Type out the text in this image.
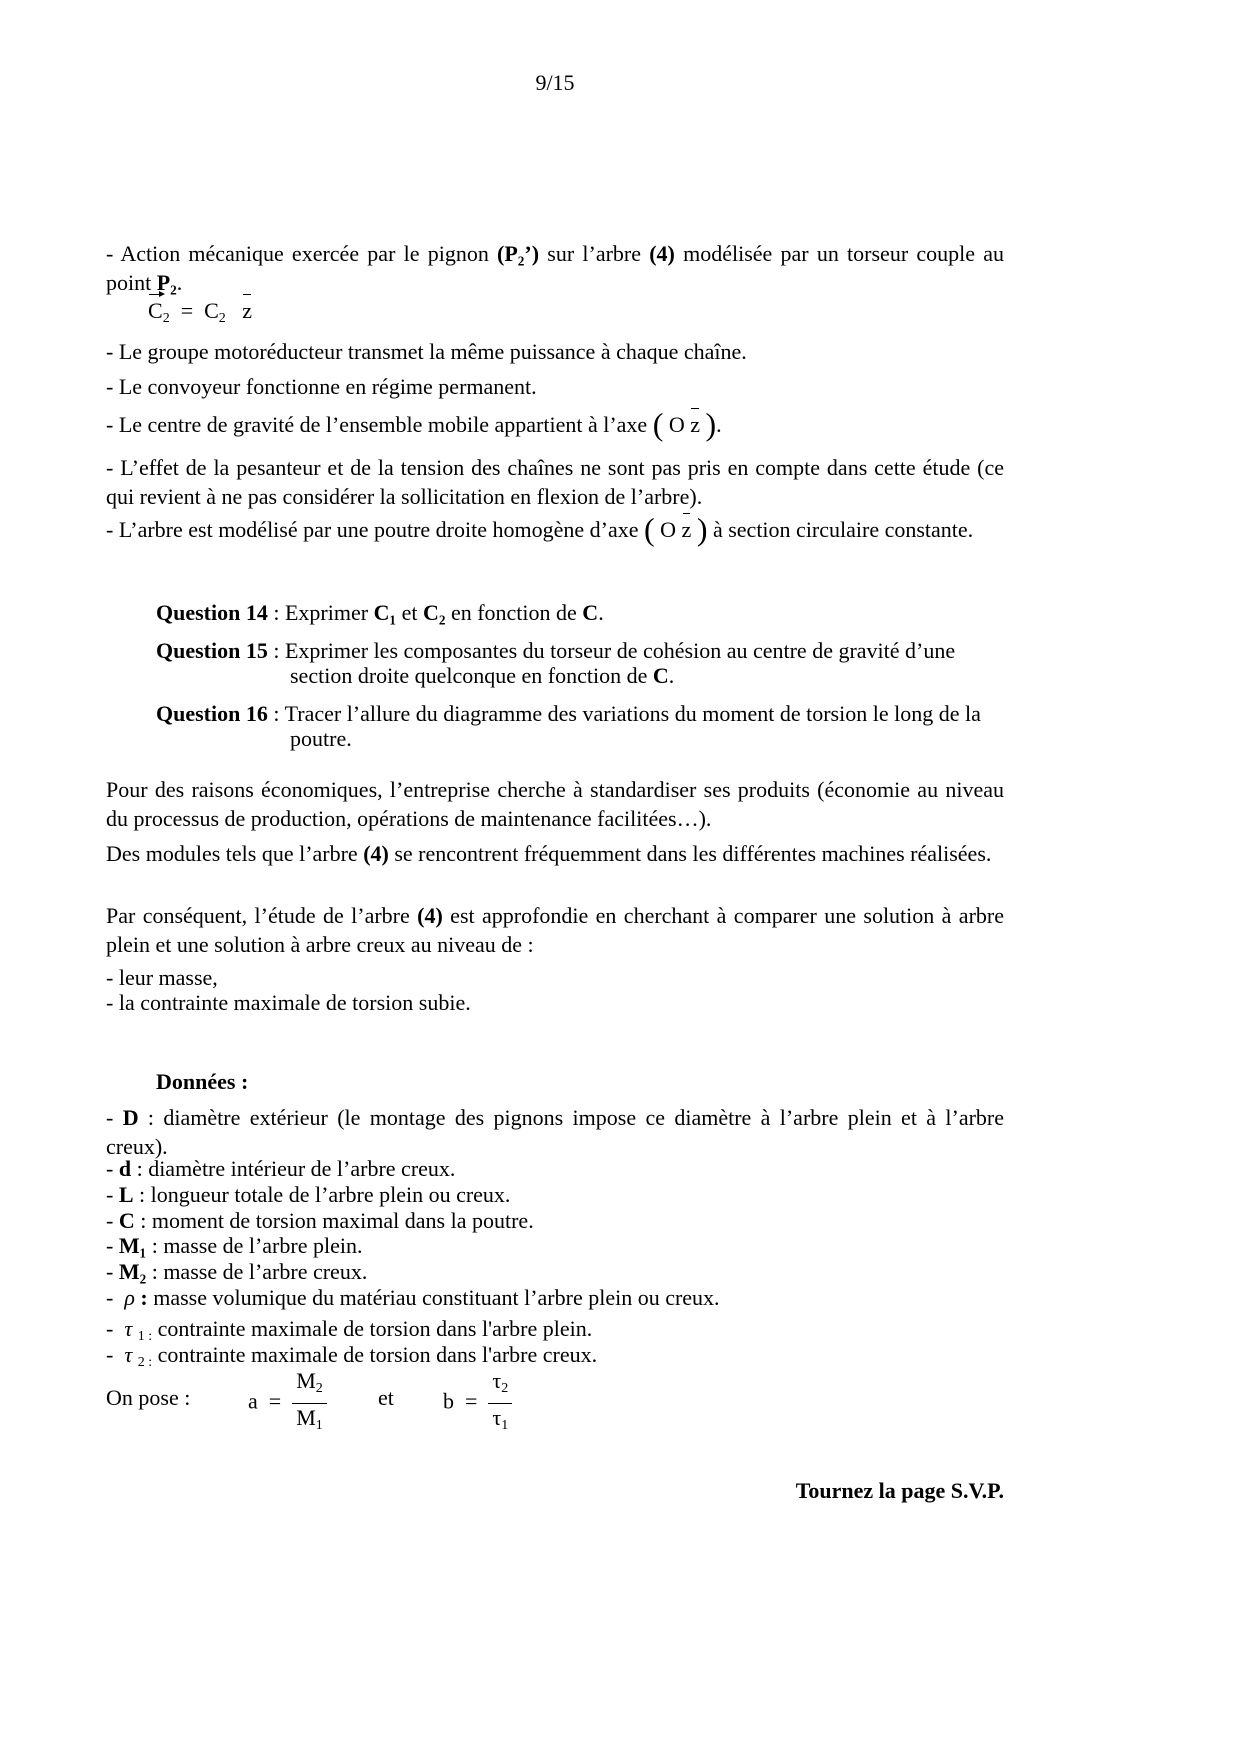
9/15
- Action mécanique exercée par le pignon (P₂’) sur l’arbre (4) modélisée par un torseur couple au point P₂.
$C_2 = C_2$ z
- Le groupe motoréducteur transmet la même puissance à chaque chaîne.
- Le convoyeur fonctionne en régime permanent.
- Le centre de gravité de l’ensemble mobile appartient à l’axe ( O z ).
- L’effet de la pesanteur et de la tension des chaînes ne sont pas pris en compte dans cette étude (ce qui revient à ne pas considérer la sollicitation en flexion de l’arbre).
- L’arbre est modélisé par une poutre droite homogène d’axe ( O z ) à section circulaire constante.
Question 14 : Exprimer C₁ et C₂ en fonction de C.
Question 15 : Exprimer les composantes du torseur de cohésion au centre de gravité d’une
section droite quelconque en fonction de C.
Question 16 : Tracer l’allure du diagramme des variations du moment de torsion le long de la
poutre.
Pour des raisons économiques, l’entreprise cherche à standardiser ses produits (économie au niveau du processus de production, opérations de maintenance facilitées…).
Des modules tels que l’arbre (4) se rencontrent fréquemment dans les différentes machines réalisées.
Par conséquent, l’étude de l’arbre (4) est approfondie en cherchant à comparer une solution à arbre plein et une solution à arbre creux au niveau de :
- leur masse,
- la contrainte maximale de torsion subie.
Données :
- D : diamètre extérieur (le montage des pignons impose ce diamètre à l’arbre plein et à l’arbre creux).
- d : diamètre intérieur de l’arbre creux.
- L : longueur totale de l’arbre plein ou creux.
- C : moment de torsion maximal dans la poutre.
- M₁ : masse de l’arbre plein.
- M₂ : masse de l’arbre creux.
-  ρ : masse volumique du matériau constituant l’arbre plein ou creux.
-  τ $_{1 :}$ contrainte maximale de torsion dans l'arbre plein.
-  τ $_{2 :}$ contrainte maximale de torsion dans l'arbre creux.
On pose :	$a = \frac{M_2}{M_1}$ et $b = \frac{\tau_2}{\tau_1}$
Tournez la page S.V.P.
